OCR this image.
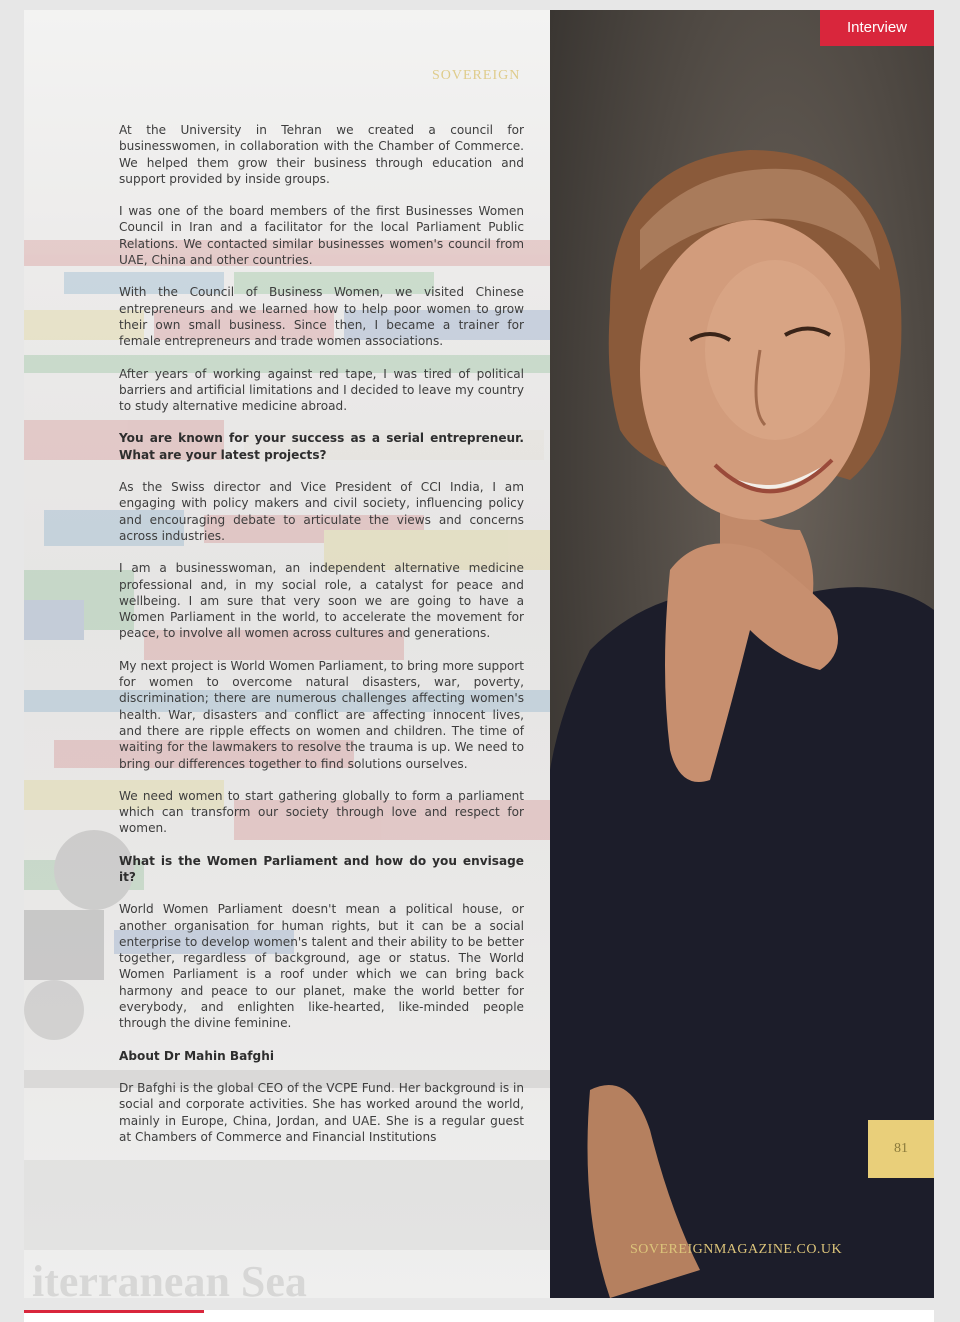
SOVEREIGN

At the University in Tehran we created a council for businesswomen, in collaboration with the Chamber of Commerce. We helped them grow their business through education and support provided by inside groups.

I was one of the board members of the first Businesses Women Council in Iran and a facilitator for the local Parliament Public Relations. We contacted similar businesses women's council from UAE, China and other countries.

With the Council of Business Women, we visited Chinese entrepreneurs and we learned how to help poor women to grow their own small business. Since then, I became a trainer for female entrepreneurs and trade women associations.

After years of working against red tape, I was tired of political barriers and artificial limitations and I decided to leave my country to study alternative medicine abroad.

You are known for your success as a serial entrepreneur. What are your latest projects?

As the Swiss director and Vice President of CCI India, I am engaging with policy makers and civil society, influencing policy and encouraging debate to articulate the views and concerns across industries.

I am a businesswoman, an independent alternative medicine professional and, in my social role, a catalyst for peace and wellbeing. I am sure that very soon we are going to have a Women Parliament in the world, to accelerate the movement for peace, to involve all women across cultures and generations.

My next project is World Women Parliament, to bring more support for women to overcome natural disasters, war, poverty, discrimination; there are numerous challenges affecting women's health. War, disasters and conflict are affecting innocent lives, and there are ripple effects on women and children. The time of waiting for the lawmakers to resolve the trauma is up. We need to bring our differences together to find solutions ourselves.

We need women to start gathering globally to form a parliament which can transform our society through love and respect for women.

What is the Women Parliament and how do you envisage it?

World Women Parliament doesn't mean a political house, or another organisation for human rights, but it can be a social enterprise to develop women's talent and their ability to be better together, regardless of background, age or status. The World Women Parliament is a roof under which we can bring back harmony and peace to our planet, make the world better for everybody, and enlighten like-hearted, like-minded people through the divine feminine.

About Dr Mahin Bafghi

Dr Bafghi is the global CEO of the VCPE Fund. Her background is in social and corporate activities. She has worked around the world, mainly in Europe, China, Jordan, and UAE. She is a regular guest at Chambers of Commerce and Financial Institutions

iterranean Sea
Interview
81
SOVEREIGNMAGAZINE.CO.UK
